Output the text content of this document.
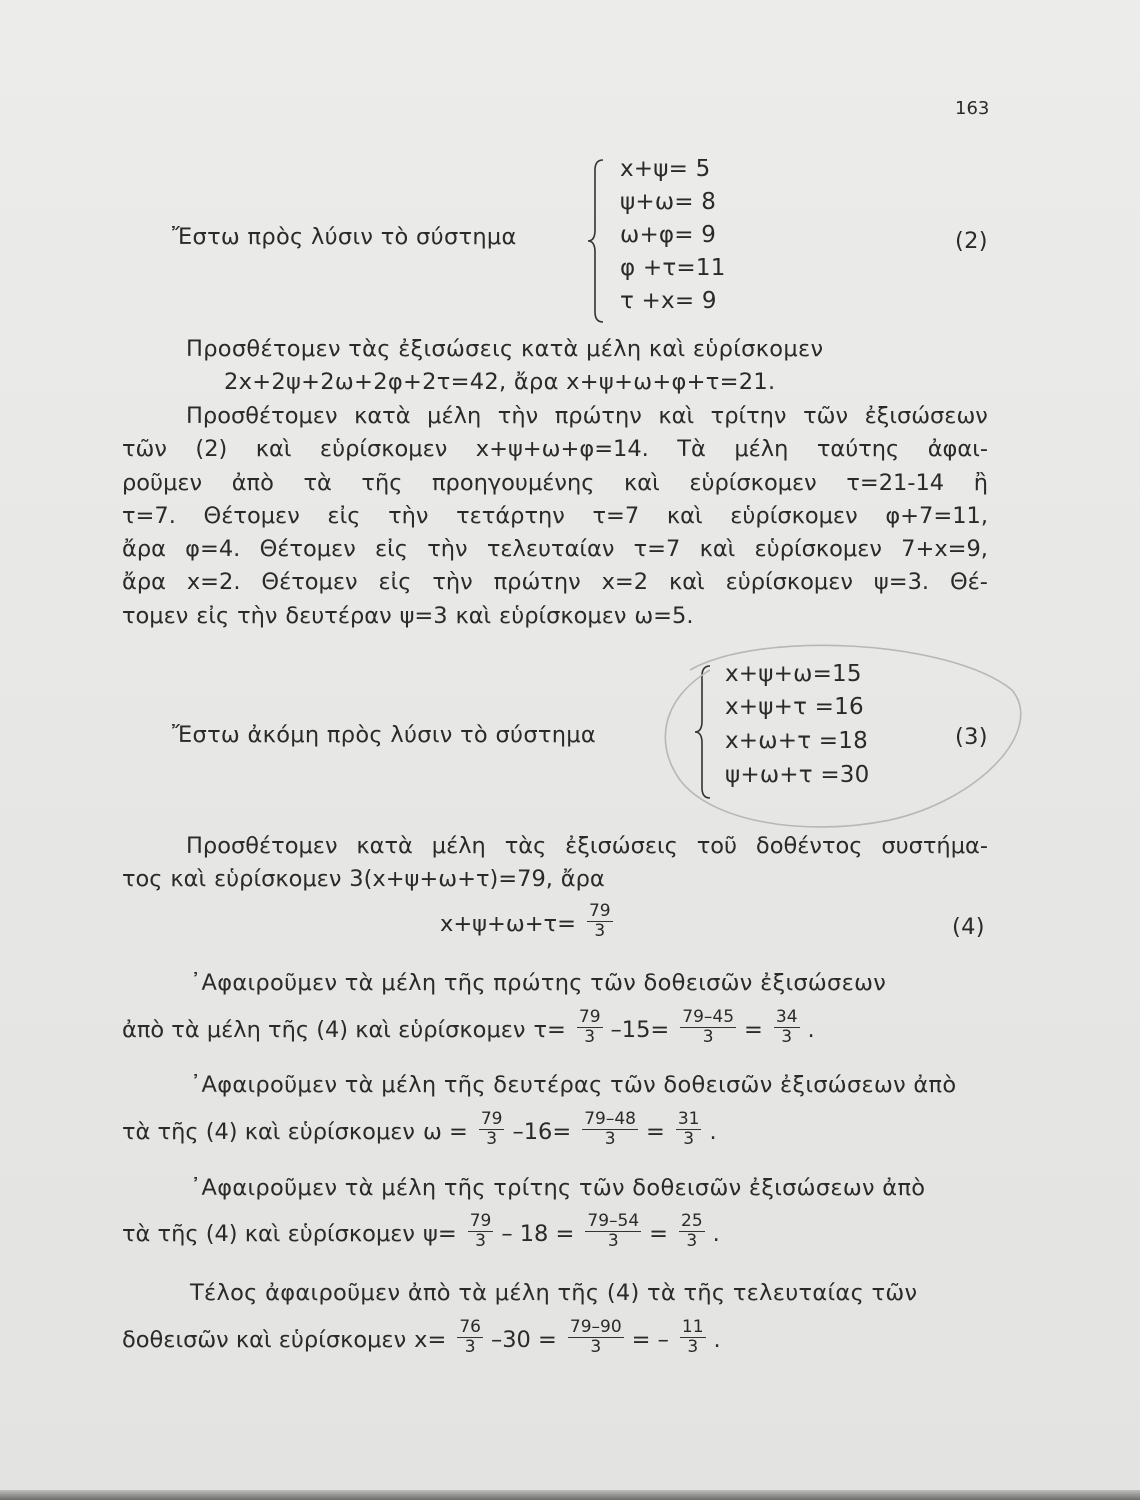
163
Ἔστω πρὸς λύσιν τὸ σύστημα
x+ψ= 5
ψ+ω= 8
ω+φ= 9
φ +τ=11
τ +x= 9
(2)
Προσθέτομεν τὰς ἐξισώσεις κατὰ μέλη καὶ εὑρίσκομεν
2x+2ψ+2ω+2φ+2τ=42, ἄρα x+ψ+ω+φ+τ=21.
Προσθέτομεν κατὰ μέλη τὴν πρώτην καὶ τρίτην τῶν ἐξισώσεων
τῶν (2) καὶ εὑρίσκομεν x+ψ+ω+φ=14. Τὰ μέλη ταύτης ἀφαι-
ροῦμεν ἀπὸ τὰ τῆς προηγουμένης καὶ εὑρίσκομεν τ=21-14 ἢ
τ=7. Θέτομεν εἰς τὴν τετάρτην τ=7 καὶ εὑρίσκομεν φ+7=11,
ἄρα φ=4. Θέτομεν εἰς τὴν τελευταίαν τ=7 καὶ εὑρίσκομεν 7+x=9,
ἄρα x=2. Θέτομεν εἰς τὴν πρώτην x=2 καὶ εὑρίσκομεν ψ=3. Θέ-
τομεν εἰς τὴν δευτέραν ψ=3 καὶ εὑρίσκομεν ω=5.
Ἔστω ἀκόμη πρὸς λύσιν τὸ σύστημα
x+ψ+ω=15
x+ψ+τ =16
x+ω+τ =18
ψ+ω+τ =30
(3)
Προσθέτομεν κατὰ μέλη τὰς ἐξισώσεις τοῦ δοθέντος συστήμα-
τος καὶ εὑρίσκομεν 3(x+ψ+ω+τ)=79, ἄρα
$x+\psi+\omega+\tau= \frac{79}{3}$	(4)
᾿Αφαιροῦμεν τὰ μέλη τῆς πρώτης τῶν δοθεισῶν ἐξισώσεων
ἀπὸ τὰ μέλη τῆς (4) καὶ εὑρίσκομεν $\tau= \frac{79}{3} -15= \frac{79-45}{3} = \frac{34}{3}$ .
᾿Αφαιροῦμεν τὰ μέλη τῆς δευτέρας τῶν δοθεισῶν ἐξισώσεων ἀπὸ
τὰ τῆς (4) καὶ εὑρίσκομεν $\omega = \frac{79}{3} -16= \frac{79-48}{3} = \frac{31}{3}$ .
᾿Αφαιροῦμεν τὰ μέλη τῆς τρίτης τῶν δοθεισῶν ἐξισώσεων ἀπὸ
τὰ τῆς (4) καὶ εὑρίσκομεν $\psi= \frac{79}{3} - 18 = \frac{79-54}{3} = \frac{25}{3}$ .
Τέλος ἀφαιροῦμεν ἀπὸ τὰ μέλη τῆς (4) τὰ τῆς τελευταίας τῶν
δοθεισῶν καὶ εὑρίσκομεν $x= \frac{76}{3} -30 = \frac{79-90}{3}$ = – $\frac{11}{3}$ .
